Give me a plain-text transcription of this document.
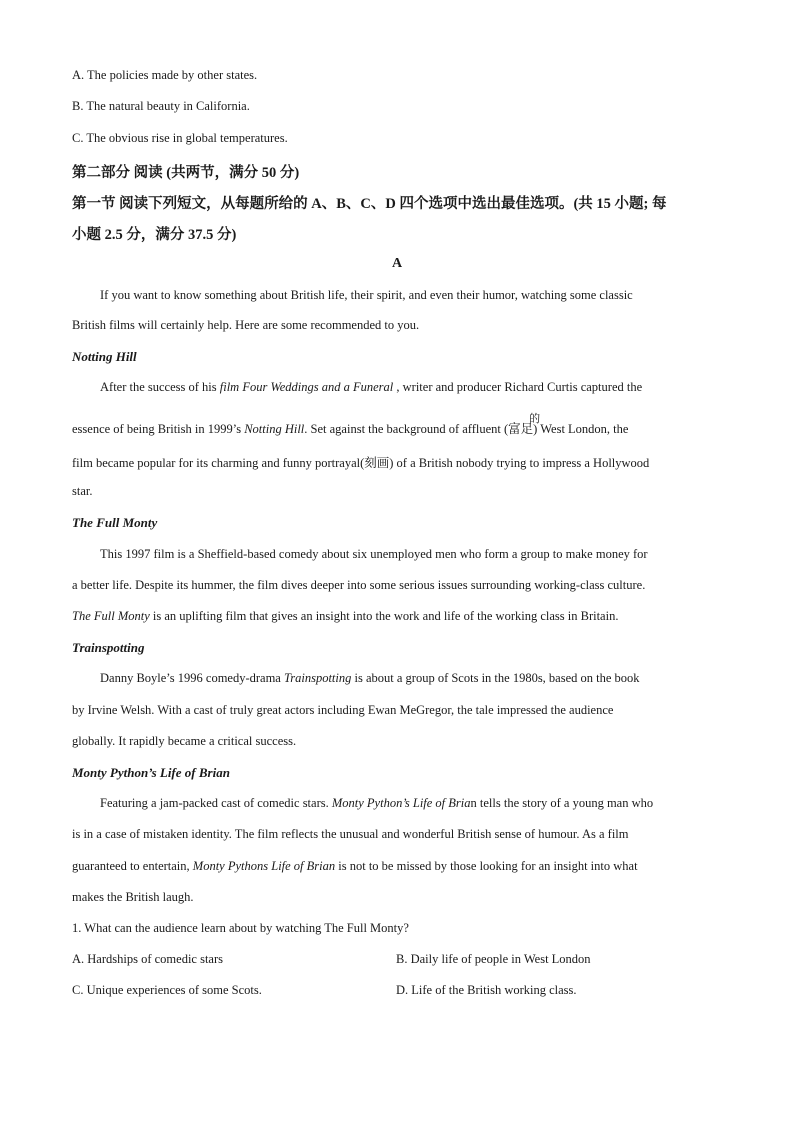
A. The policies made by other states.
B. The natural beauty in California.
C. The obvious rise in global temperatures.
第二部分 阅读 (共两节，满分 50 分)
第一节 阅读下列短文，从每题所给的 A、B、C、D 四个选项中选出最佳选项。(共 15 小题; 每
小题 2.5 分，满分 37.5 分)
A
If you want to know something about British life, their spirit, and even their humor, watching some classic
British films will certainly help. Here are some recommended to you.
Notting Hill
After the success of his film Four Weddings and a Funeral , writer and producer Richard Curtis captured the
essence of being British in 1999’s Notting Hill. Set against the background of affluent (富足
的
) West London, the
film became popular for its charming and funny portrayal(刻画) of a British nobody trying to impress a Hollywood
star.
The Full Monty
This 1997 film is a Sheffield-based comedy about six unemployed men who form a group to make money for
a better life. Despite its hummer, the film dives deeper into some serious issues surrounding working-class culture.
The Full Monty is an uplifting film that gives an insight into the work and life of the working class in Britain.
Trainspotting
Danny Boyle’s 1996 comedy-drama Trainspotting is about a group of Scots in the 1980s, based on the book
by Irvine Welsh. With a cast of truly great actors including Ewan MeGregor, the tale impressed the audience
globally. It rapidly became a critical success.
Monty Python’s Life of Brian
Featuring a jam-packed cast of comedic stars. Monty Python’s Life of Brian tells the story of a young man who
is in a case of mistaken identity. The film reflects the unusual and wonderful British sense of humour. As a film
guaranteed to entertain, Monty Pythons Life of Brian is not to be missed by those looking for an insight into what
makes the British laugh.
1. What can the audience learn about by watching The Full Monty?
A. Hardships of comedic stars	B. Daily life of people in West London
C. Unique experiences of some Scots.	D. Life of the British working class.
